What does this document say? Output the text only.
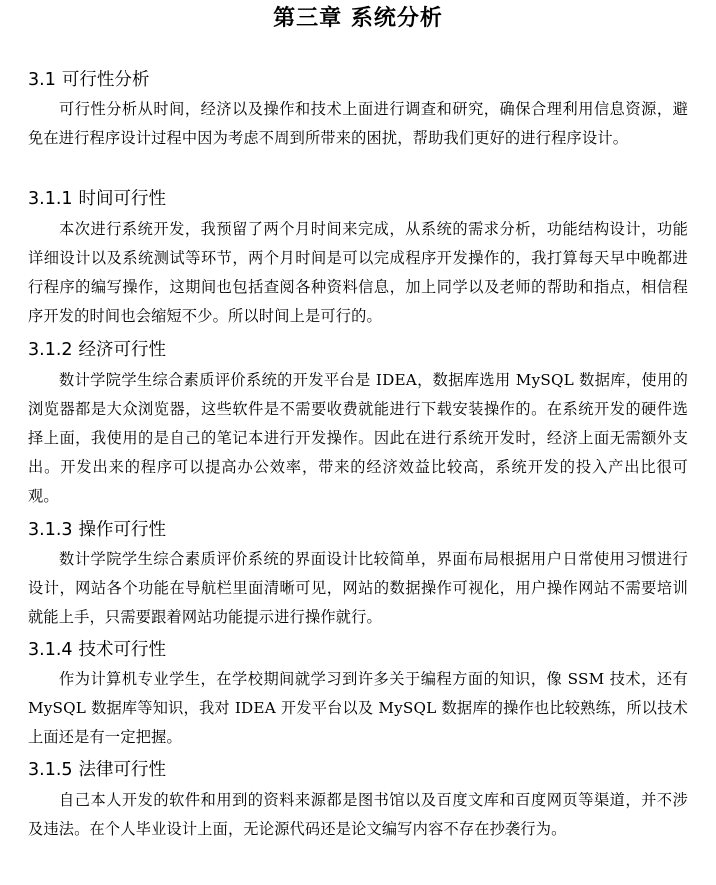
第三章 系统分析
3.1 可行性分析

可行性分析从时间，经济以及操作和技术上面进行调查和研究，确保合理利用信息资源，避免在进行程序设计过程中因为考虑不周到所带来的困扰，帮助我们更好的进行程序设计。

3.1.1 时间可行性

本次进行系统开发，我预留了两个月时间来完成，从系统的需求分析，功能结构设计，功能详细设计以及系统测试等环节，两个月时间是可以完成程序开发操作的，我打算每天早中晚都进行程序的编写操作，这期间也包括查阅各种资料信息，加上同学以及老师的帮助和指点，相信程序开发的时间也会缩短不少。所以时间上是可行的。

3.1.2 经济可行性

数计学院学生综合素质评价系统的开发平台是 IDEA，数据库选用 MySQL 数据库，使用的浏览器都是大众浏览器，这些软件是不需要收费就能进行下载安装操作的。在系统开发的硬件选择上面，我使用的是自己的笔记本进行开发操作。因此在进行系统开发时，经济上面无需额外支出。开发出来的程序可以提高办公效率，带来的经济效益比较高，系统开发的投入产出比很可观。

3.1.3 操作可行性

数计学院学生综合素质评价系统的界面设计比较简单，界面布局根据用户日常使用习惯进行设计，网站各个功能在导航栏里面清晰可见，网站的数据操作可视化，用户操作网站不需要培训就能上手，只需要跟着网站功能提示进行操作就行。

3.1.4 技术可行性

作为计算机专业学生，在学校期间就学习到许多关于编程方面的知识，像 SSM 技术，还有 MySQL 数据库等知识，我对 IDEA 开发平台以及 MySQL 数据库的操作也比较熟练，所以技术上面还是有一定把握。

3.1.5 法律可行性

自己本人开发的软件和用到的资料来源都是图书馆以及百度文库和百度网页等渠道，并不涉及违法。在个人毕业设计上面，无论源代码还是论文编写内容不存在抄袭行为。
